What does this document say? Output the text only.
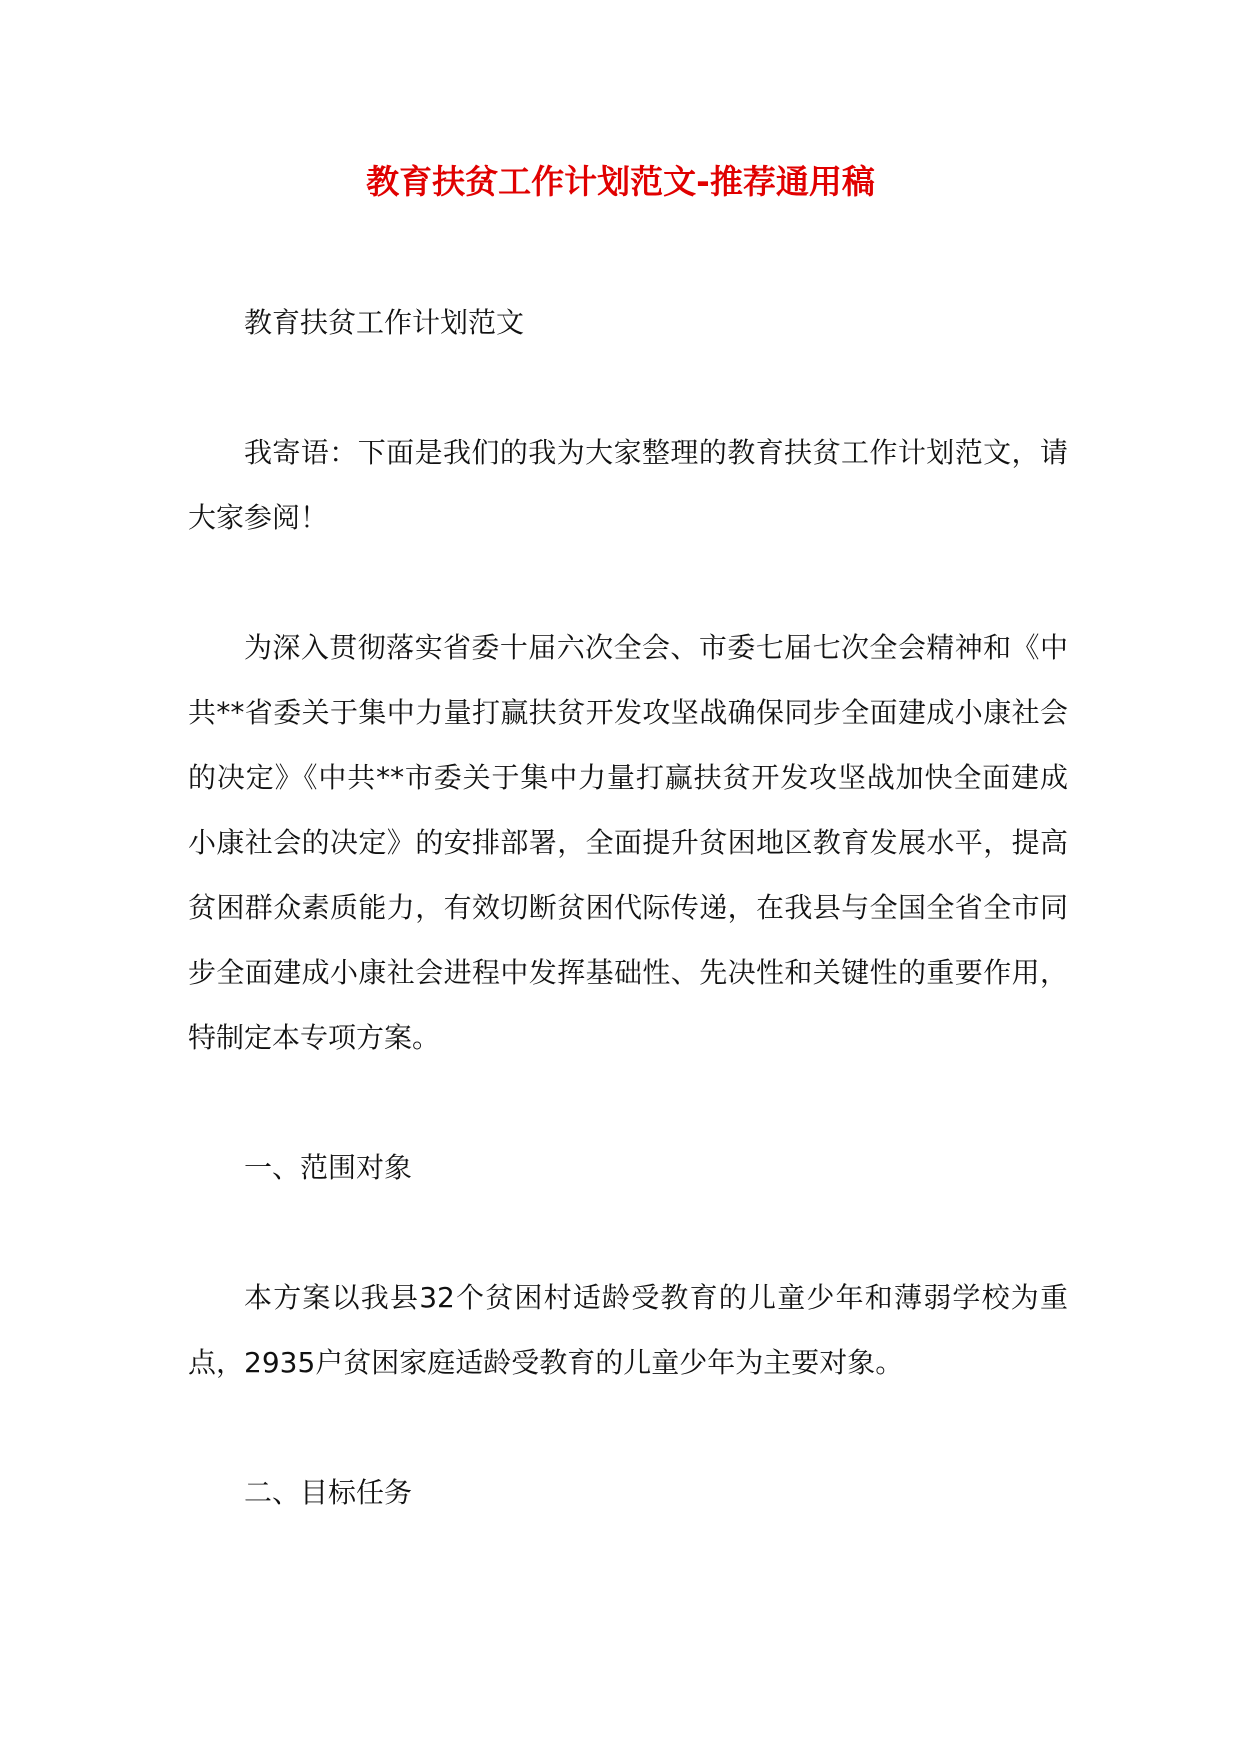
教育扶贫工作计划范文-推荐通用稿

教育扶贫工作计划范文

我寄语：下面是我们的我为大家整理的教育扶贫工作计划范文，请大家参阅！

为深入贯彻落实省委十届六次全会、市委七届七次全会精神和《中共**省委关于集中力量打赢扶贫开发攻坚战确保同步全面建成小康社会的决定》《中共**市委关于集中力量打赢扶贫开发攻坚战加快全面建成小康社会的决定》的安排部署，全面提升贫困地区教育发展水平，提高贫困群众素质能力，有效切断贫困代际传递，在我县与全国全省全市同步全面建成小康社会进程中发挥基础性、先决性和关键性的重要作用，特制定本专项方案。

一、范围对象

本方案以我县32个贫困村适龄受教育的儿童少年和薄弱学校为重点，2935户贫困家庭适龄受教育的儿童少年为主要对象。

二、目标任务
